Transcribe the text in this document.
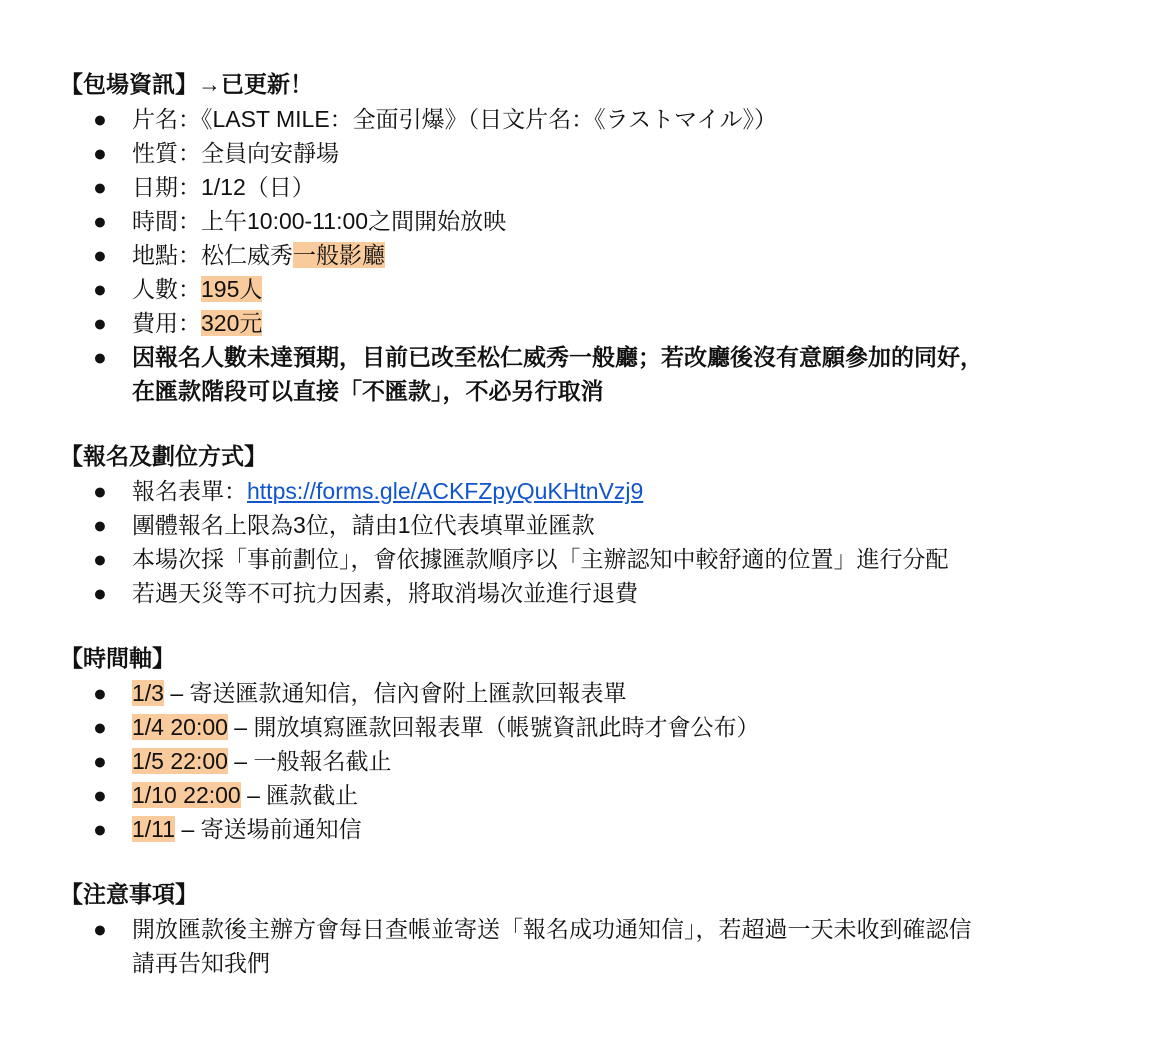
【包場資訊】→已更新！

● 片名：《LAST MILE：全面引爆》（日文片名：《ラストマイル》）
● 性質：全員向安靜場
● 日期：1/12（日）
● 時間：上午10:00-11:00之間開始放映
● 地點：松仁威秀一般影廳
● 人數：195人
● 費用：320元
● 因報名人數未達預期，目前已改至松仁威秀一般廳；若改廳後沒有意願參加的同好，
在匯款階段可以直接「不匯款」，不必另行取消

【報名及劃位方式】

● 報名表單：https://forms.gle/ACKFZpyQuKHtnVzj9
● 團體報名上限為3位，請由1位代表填單並匯款
● 本場次採「事前劃位」，會依據匯款順序以「主辦認知中較舒適的位置」進行分配
● 若遇天災等不可抗力因素，將取消場次並進行退費

【時間軸】

● 1/3 – 寄送匯款通知信，信內會附上匯款回報表單
● 1/4 20:00 – 開放填寫匯款回報表單（帳號資訊此時才會公布）
● 1/5 22:00 – 一般報名截止
● 1/10 22:00 – 匯款截止
● 1/11 – 寄送場前通知信

【注意事項】

● 開放匯款後主辦方會每日查帳並寄送「報名成功通知信」，若超過一天未收到確認信
請再告知我們
